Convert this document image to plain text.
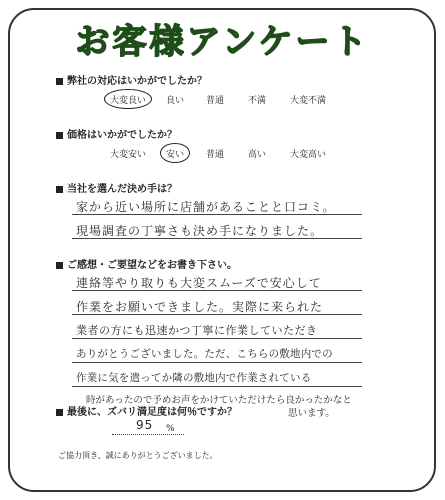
お客様アンケート
弊社の対応はいかがでしたか？
大変良い 良い 普通	不満	大変不満
価格はいかがでしたか？
大変安い 安い 普通	高い	大変高い
当社を選んだ決め手は？
家から近い場所に店舗があることと口コミ。
現場調査の丁寧さも決め手になりました。
ご感想・ご要望などをお書き下さい。
連絡等やり取りも大変スムーズで安心して
作業をお願いできました。実際に来られた
業者の方にも迅速かつ丁寧に作業していただき
ありがとうございました。ただ、こちらの敷地内での
作業に気を遣ってか隣の敷地内で作業されている
時があったので予めお声をかけていただけたら良かったかなと
思います。
最後に、ズバリ満足度は何％ですか？
95 %
ご協力頂き、誠にありがとうございました。
